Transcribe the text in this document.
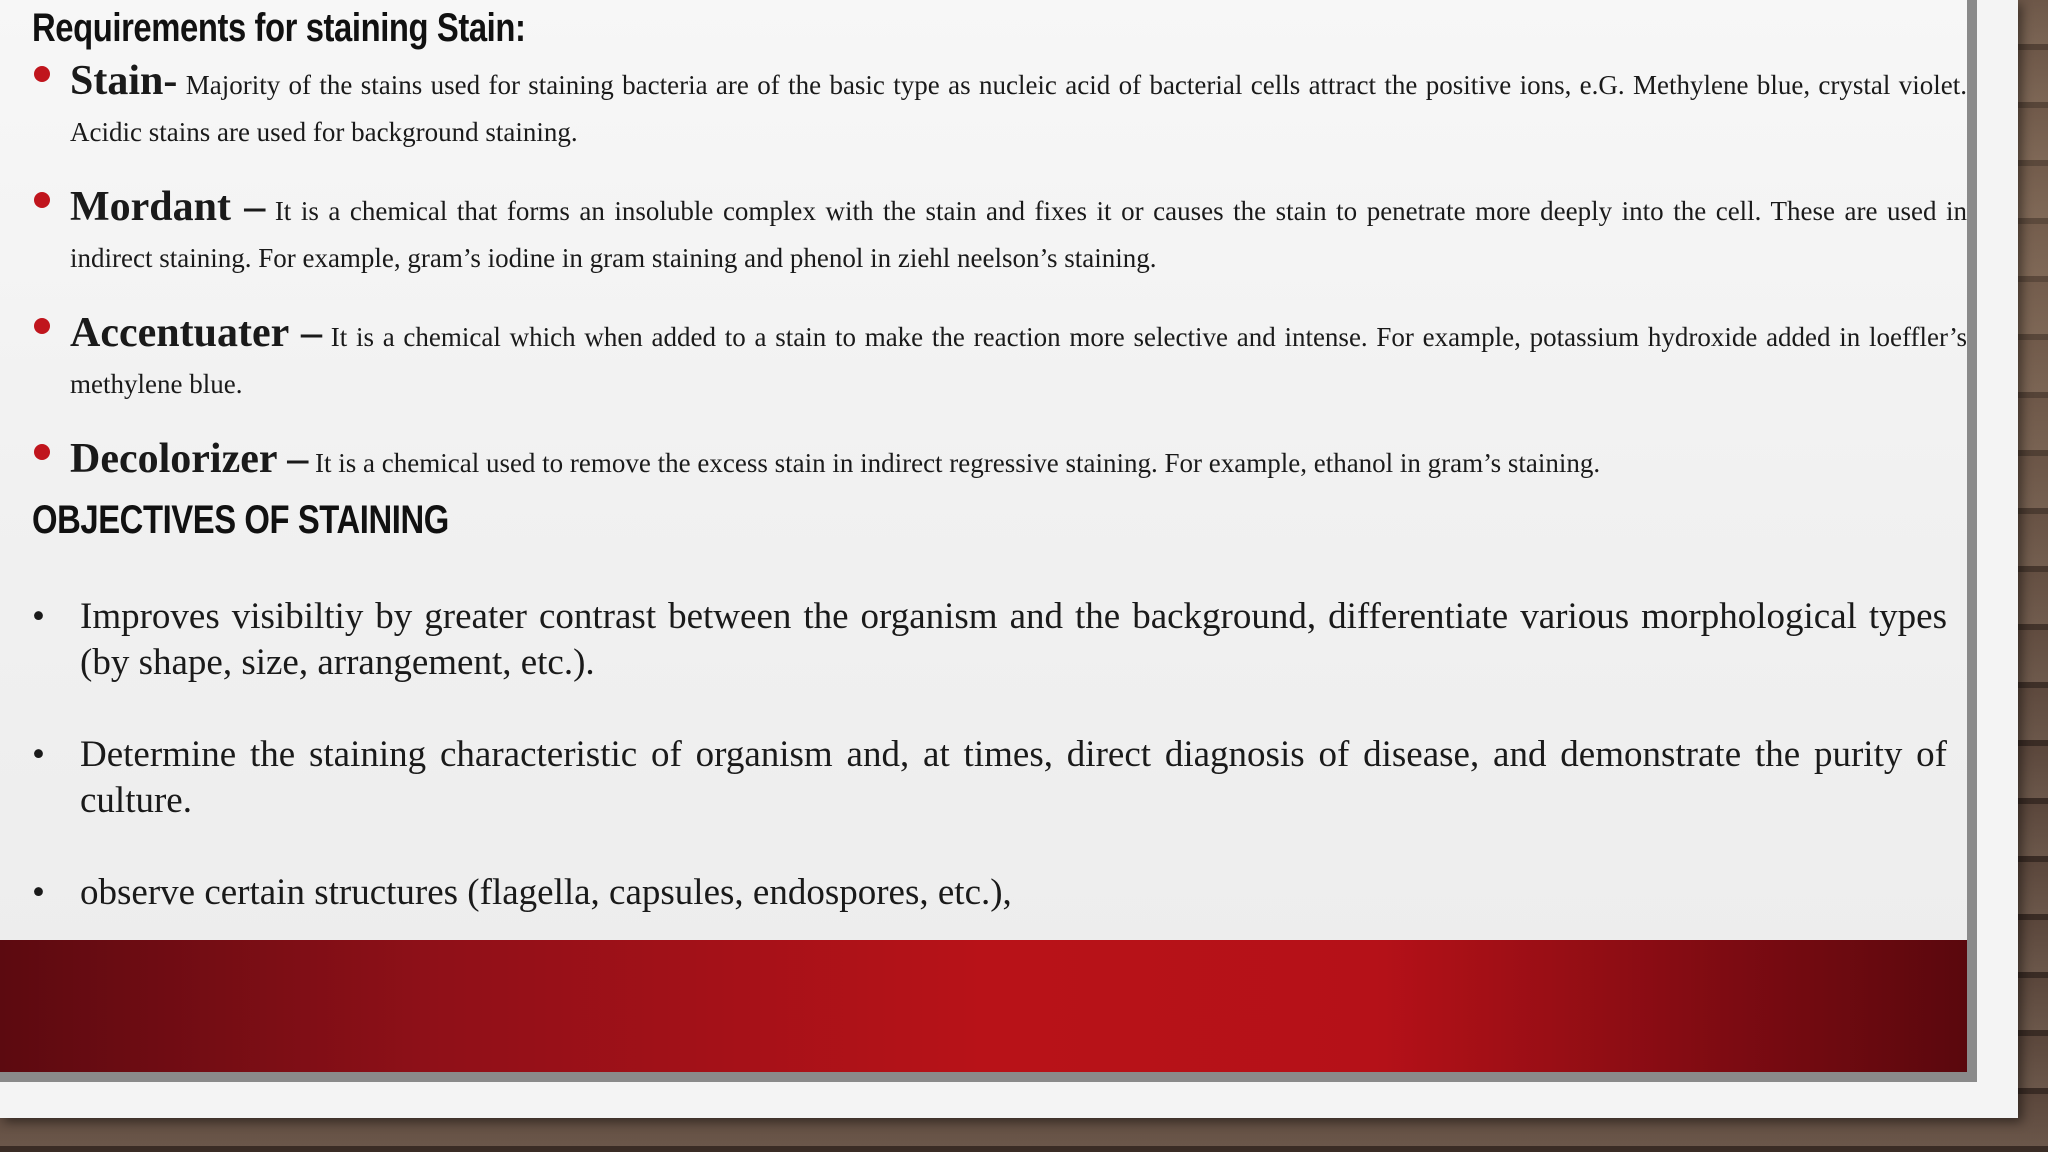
Requirements for staining Stain:
Stain- Majority of the stains used for staining bacteria are of the basic type as nucleic acid of bacterial cells attract the positive ions, e.G. Methylene blue, crystal violet. Acidic stains are used for background staining.
Mordant – It is a chemical that forms an insoluble complex with the stain and fixes it or causes the stain to penetrate more deeply into the cell. These are used in indirect staining. For example, gram’s iodine in gram staining and phenol in ziehl neelson’s staining.
Accentuater – It is a chemical which when added to a stain to make the reaction more selective and intense. For example, potassium hydroxide added in loeffler’s methylene blue.
Decolorizer – It is a chemical used to remove the excess stain in indirect regressive staining. For example, ethanol in gram’s staining.
OBJECTIVES OF STAINING
• Improves visibiltiy by greater contrast between the organism and the background, differentiate various morphological types (by shape, size, arrangement, etc.).
• Determine the staining characteristic of organism and, at times, direct diagnosis of disease, and demonstrate the purity of culture.
• observe certain structures (flagella, capsules, endospores, etc.),
